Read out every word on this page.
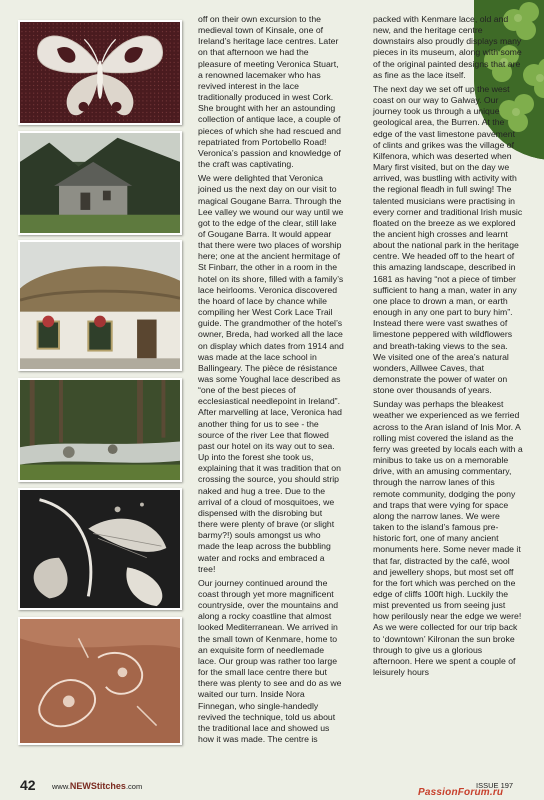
off on their own excursion to the medieval town of Kinsale, one of Ireland’s heritage lace centres. Later on that afternoon we had the pleasure of meeting Veronica Stuart, a renowned lacemaker who has revived interest in the lace traditionally produced in west Cork. She brought with her an astounding collection of antique lace, a couple of pieces of which she had rescued and repatriated from Portobello Road! Veronica’s passion and knowledge of the craft was captivating.

We were delighted that Veronica joined us the next day on our visit to magical Gougane Barra. Through the Lee valley we wound our way until we got to the edge of the clear, still lake of Gougane Barra. It would appear that there were two places of worship here; one at the ancient hermitage of St Finbarr, the other in a room in the hotel on its shore, filled with a family’s lace heirlooms. Veronica discovered the hoard of lace by chance while compiling her West Cork Lace Trail guide. The grandmother of the hotel’s owner, Breda, had worked all the lace on display which dates from 1914 and was made at the lace school in Ballingeary. The pièce de résistance was some Youghal lace described as “one of the best pieces of ecclesiastical needlepoint in Ireland”. After marvelling at lace, Veronica had another thing for us to see - the source of the river Lee that flowed past our hotel on its way out to sea. Up into the forest she took us, explaining that it was tradition that on crossing the source, you should strip naked and hug a tree. Due to the arrival of a cloud of mosquitoes, we dispensed with the disrobing but there were plenty of brave (or slight barmy?!) souls amongst us who made the leap across the bubbling water and rocks and embraced a tree!

Our journey continued around the coast through yet more magnificent countryside, over the mountains and along a rocky coastline that almost looked Mediterranean. We arrived in the small town of Kenmare, home to an exquisite form of needlemade lace. Our group was rather too large for the small lace centre there but there was plenty to see and do as we waited our turn. Inside Nora Finnegan, who single-handedly revived the technique, told us about the traditional lace and showed us how it was made. The centre is

packed with Kenmare lace, old and new, and the heritage centre downstairs also proudly displays many pieces in its museum, along with some of the original painted designs that are as fine as the lace itself.

The next day we set off up the west coast on our way to Galway. Our journey took us through a unique geological area, the Burren. At the edge of the vast limestone pavement of clints and grikes was the village of Kilfenora, which was deserted when Mary first visited, but on the day we arrived, was bustling with activity with the regional fleadh in full swing! The talented musicians were practising in every corner and traditional Irish music floated on the breeze as we explored the ancient high crosses and learnt about the national park in the heritage centre. We headed off to the heart of this amazing landscape, described in 1681 as having “not a piece of timber sufficient to hang a man, water in any one place to drown a man, or earth enough in any one part to bury him”. Instead there were vast swathes of limestone peppered with wildflowers and breath-taking views to the sea. We visited one of the area’s natural wonders, Aillwee Caves, that demonstrate the power of water on stone over thousands of years.

Sunday was perhaps the bleakest weather we experienced as we ferried across to the Aran island of Inis Mor. A rolling mist covered the island as the ferry was greeted by locals each with a minibus to take us on a memorable drive, with an amusing commentary, through the narrow lanes of this remote community, dodging the pony and traps that were vying for space along the narrow lanes. We were taken to the island’s famous pre-historic fort, one of many ancient monuments here. Some never made it that far, distracted by the café, wool and jewellery shops, but most set off for the fort which was perched on the edge of cliffs 100ft high. Luckily the mist prevented us from seeing just how perilously near the edge we were! As we were collected for our trip back to ‘downtown’ Kilronan the sun broke through to give us a glorious afternoon. Here we spent a couple of leisurely hours

42 www.NEWStitches.com	ISSUE 197
PassionForum.ru
